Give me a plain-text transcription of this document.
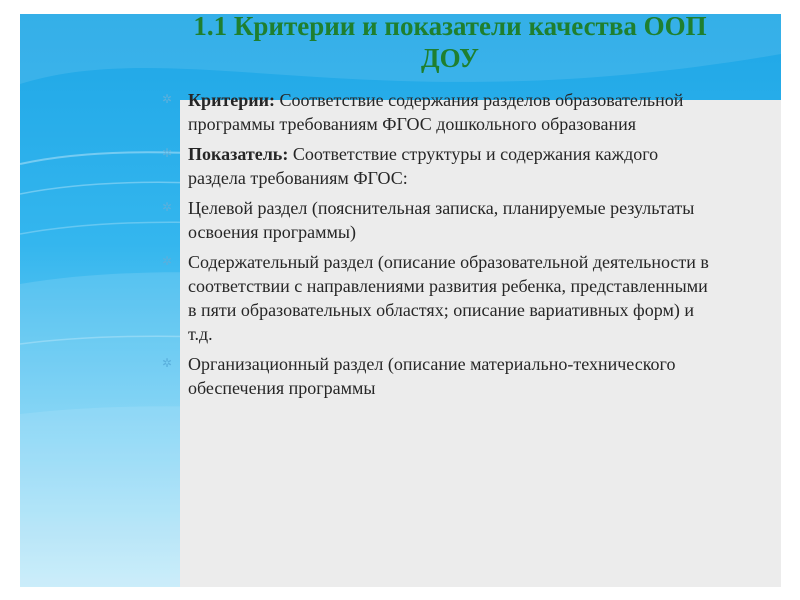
1.1 Критерии и показатели качества ООП ДОУ
✲ Критерии: Соответствие содержания разделов образовательной программы требованиям ФГОС дошкольного образования
✲ Показатель: Соответствие структуры и содержания каждого раздела требованиям ФГОС:
✲ Целевой раздел (пояснительная записка, планируемые результаты освоения программы)
✲ Содержательный раздел (описание образовательной деятельности в соответствии с направлениями развития ребенка, представленными в пяти образовательных областях; описание вариативных форм) и т.д.
✲ Организационный раздел (описание материально-технического обеспечения программы
